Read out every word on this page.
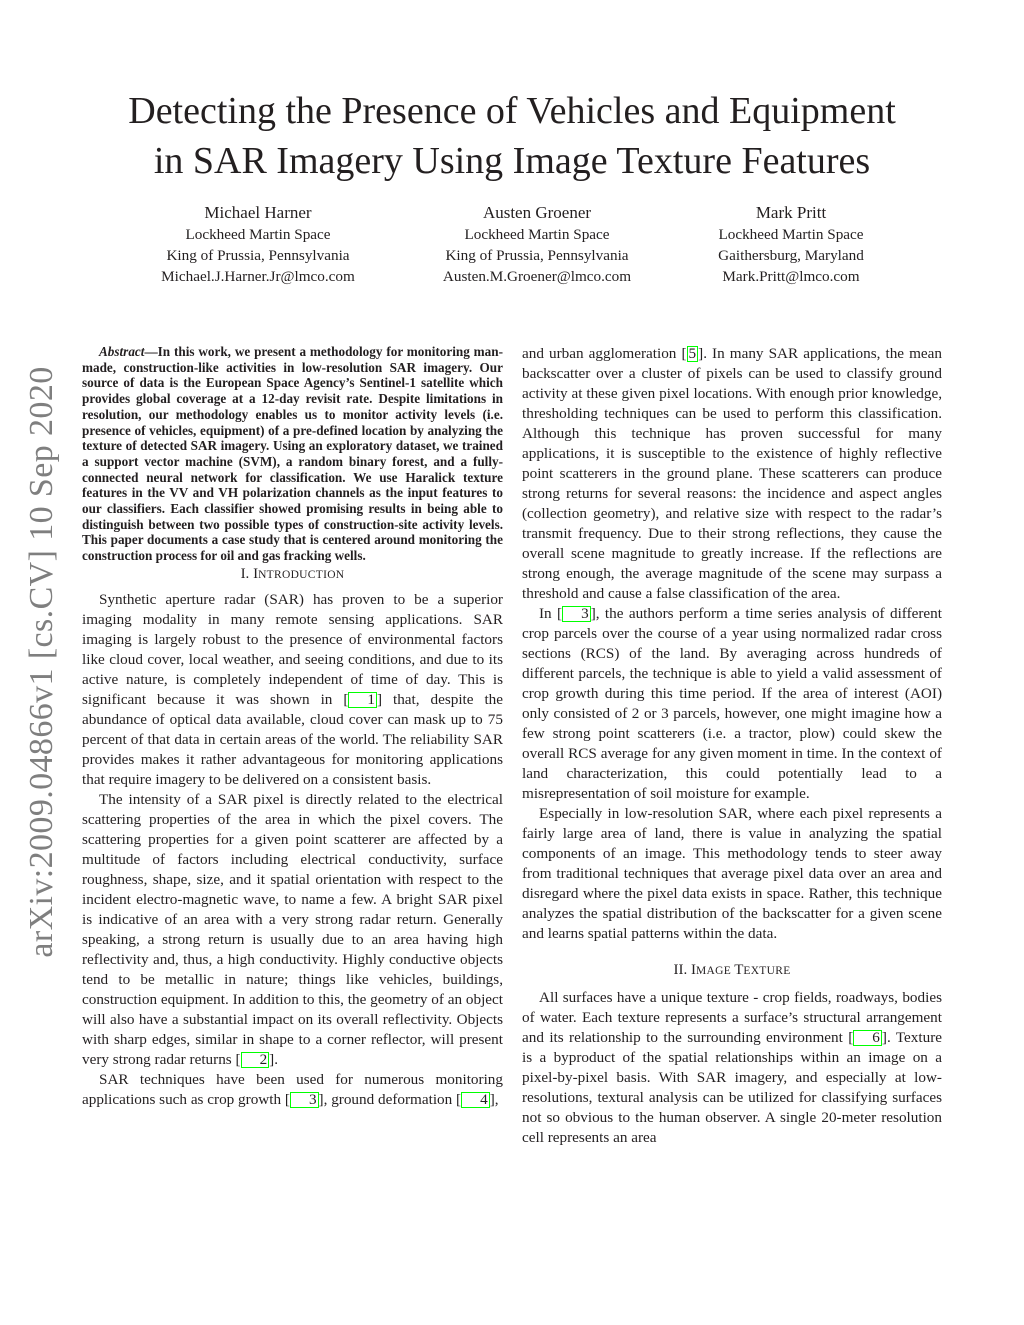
arXiv:2009.04866v1 [cs.CV] 10 Sep 2020
Detecting the Presence of Vehicles and Equipment
in SAR Imagery Using Image Texture Features
Michael Harner
Lockheed Martin Space
King of Prussia, Pennsylvania
Michael.J.Harner.Jr@lmco.com
Austen Groener
Lockheed Martin Space
King of Prussia, Pennsylvania
Austen.M.Groener@lmco.com
Mark Pritt
Lockheed Martin Space
Gaithersburg, Maryland
Mark.Pritt@lmco.com

Abstract—In this work, we present a methodology for monitoring man-made, construction-like activities in low-resolution SAR imagery. Our source of data is the European Space Agency’s Sentinel-1 satellite which provides global coverage at a 12-day revisit rate. Despite limitations in resolution, our methodology enables us to monitor activity levels (i.e. presence of vehicles, equipment) of a pre-defined location by analyzing the texture of detected SAR imagery. Using an exploratory dataset, we trained a support vector machine (SVM), a random binary forest, and a fully-connected neural network for classification. We use Haralick texture features in the VV and VH polarization channels as the input features to our classifiers. Each classifier showed promising results in being able to distinguish between two possible types of construction-site activity levels. This paper documents a case study that is centered around monitoring the construction process for oil and gas fracking wells.

I. INTRODUCTION

Synthetic aperture radar (SAR) has proven to be a superior imaging modality in many remote sensing applications. SAR imaging is largely robust to the presence of environmental factors like cloud cover, local weather, and seeing conditions, and due to its active nature, is completely independent of time of day. This is significant because it was shown in [ 1 ] that, despite the abundance of optical data available, cloud cover can mask up to 75 percent of that data in certain areas of the world. The reliability SAR provides makes it rather advantageous for monitoring applications that require imagery to be delivered on a consistent basis.

The intensity of a SAR pixel is directly related to the electrical scattering properties of the area in which the pixel covers. The scattering properties for a given point scatterer are affected by a multitude of factors including electrical conductivity, surface roughness, shape, size, and it spatial orientation with respect to the incident electro-magnetic wave, to name a few. A bright SAR pixel is indicative of an area with a very strong radar return. Generally speaking, a strong return is usually due to an area having high reflectivity and, thus, a high conductivity. Highly conductive objects tend to be metallic in nature; things like vehicles, buildings, construction equipment. In addition to this, the geometry of an object will also have a substantial impact on its overall reflectivity. Objects with sharp edges, similar in shape to a corner reflector, will present very strong radar returns [ 2 ].

SAR techniques have been used for numerous monitoring applications such as crop growth [ 3 ], ground deformation [ 4 ],

and urban agglomeration [ 5 ]. In many SAR applications, the mean backscatter over a cluster of pixels can be used to classify ground activity at these given pixel locations. With enough prior knowledge, thresholding techniques can be used to perform this classification. Although this technique has proven successful for many applications, it is susceptible to the existence of highly reflective point scatterers in the ground plane. These scatterers can produce strong returns for several reasons: the incidence and aspect angles (collection geometry), and relative size with respect to the radar’s transmit frequency. Due to their strong reflections, they cause the overall scene magnitude to greatly increase. If the reflections are strong enough, the average magnitude of the scene may surpass a threshold and cause a false classification of the area.

In [ 3 ], the authors perform a time series analysis of different crop parcels over the course of a year using normalized radar cross sections (RCS) of the land. By averaging across hundreds of different parcels, the technique is able to yield a valid assessment of crop growth during this time period. If the area of interest (AOI) only consisted of 2 or 3 parcels, however, one might imagine how a few strong point scatterers (i.e. a tractor, plow) could skew the overall RCS average for any given moment in time. In the context of land characterization, this could potentially lead to a misrepresentation of soil moisture for example.

Especially in low-resolution SAR, where each pixel represents a fairly large area of land, there is value in analyzing the spatial components of an image. This methodology tends to steer away from traditional techniques that average pixel data over an area and disregard where the pixel data exists in space. Rather, this technique analyzes the spatial distribution of the backscatter for a given scene and learns spatial patterns within the data.

II. IMAGE TEXTURE

All surfaces have a unique texture - crop fields, roadways, bodies of water. Each texture represents a surface’s structural arrangement and its relationship to the surrounding environment [ 6 ]. Texture is a byproduct of the spatial relationships within an image on a pixel-by-pixel basis. With SAR imagery, and especially at low-resolutions, textural analysis can be utilized for classifying surfaces not so obvious to the human observer. A single 20-meter resolution cell represents an area
